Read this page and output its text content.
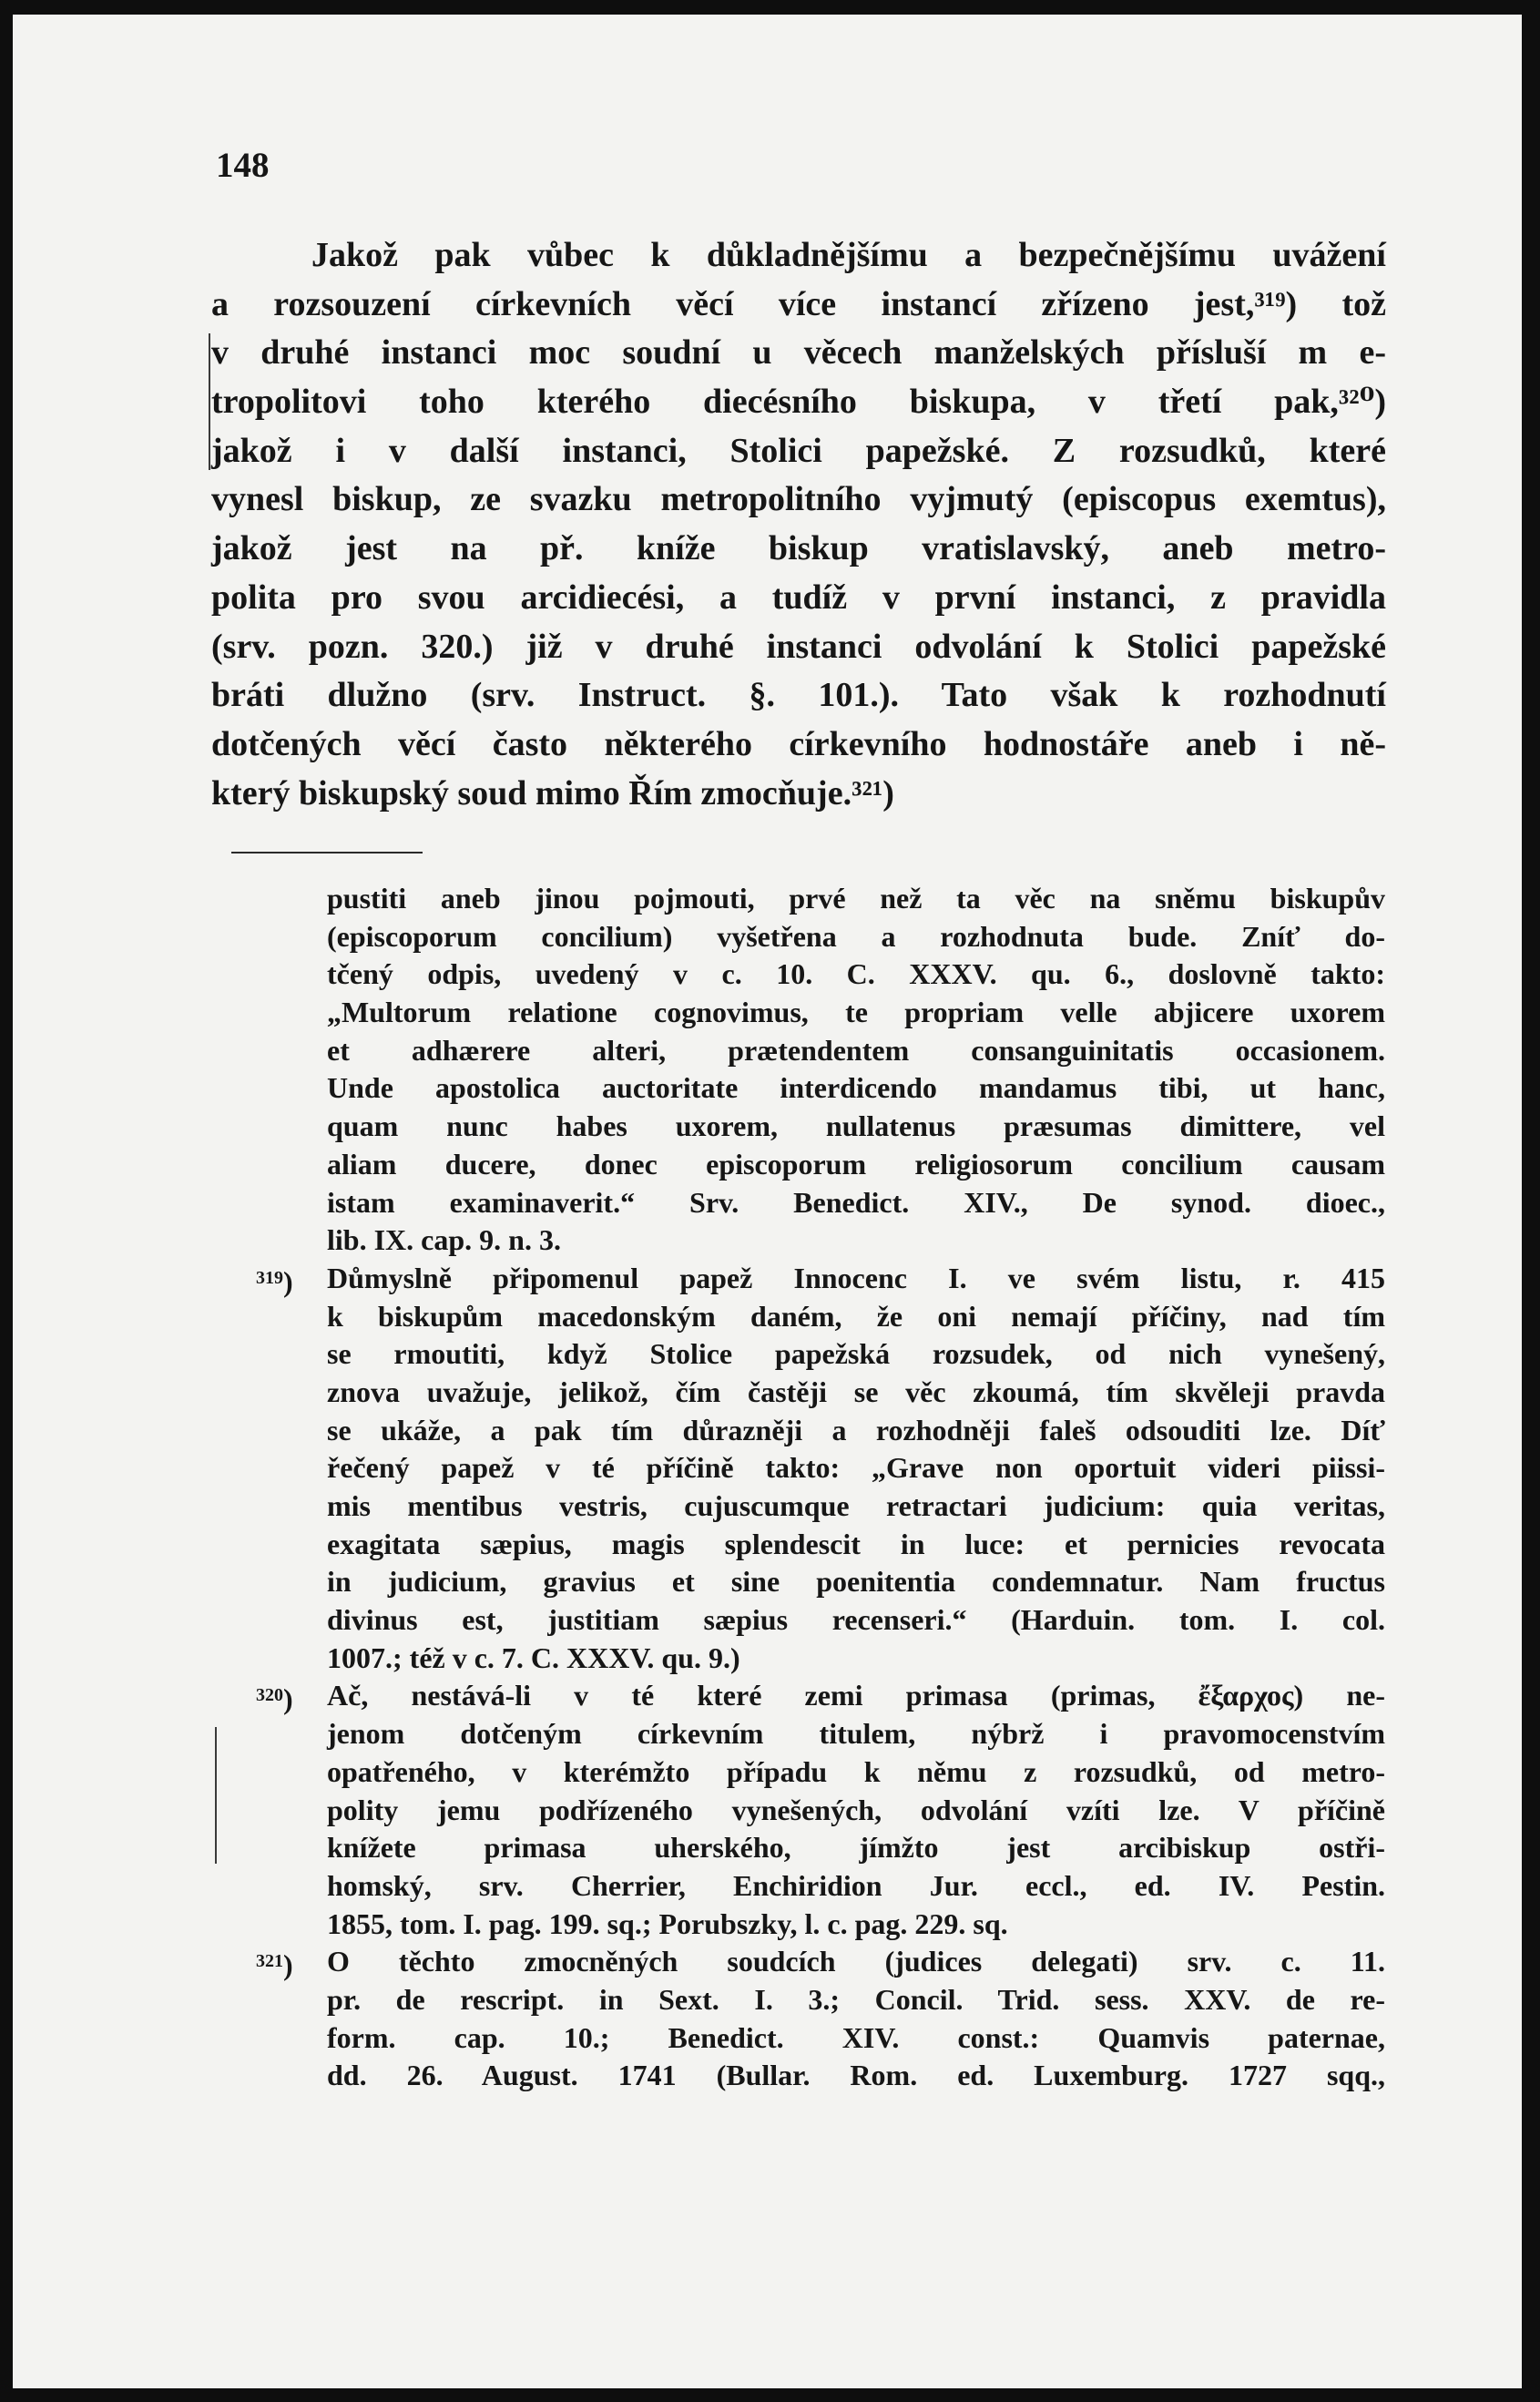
148
Jakož pak vůbec k důkladnějšímu a bezpečnějšímu uvážení
a rozsouzení církevních věcí více instancí zřízeno jest,³¹⁹) tož
v druhé instanci moc soudní u věcech manželských přísluší m e-
tropolitovi toho kterého diecésního biskupa, v třetí pak,³²⁰)
jakož i v další instanci, Stolici papežské. Z rozsudků, které
vynesl biskup, ze svazku metropolitního vyjmutý (episcopus exemtus),
jakož jest na př. kníže biskup vratislavský, aneb metro-
polita pro svou arcidiecési, a tudíž v první instanci, z pravidla
(srv. pozn. 320.) již v druhé instanci odvolání k Stolici papežské
bráti dlužno (srv. Instruct. §. 101.). Tato však k rozhodnutí
dotčených věcí často některého církevního hodnostáře aneb i ně-
který biskupský soud mimo Řím zmocňuje.³²¹)
pustiti aneb jinou pojmouti, prvé než ta věc na sněmu biskupův
(episcoporum concilium) vyšetřena a rozhodnuta bude. Zníť do-
tčený odpis, uvedený v c. 10. C. XXXV. qu. 6., doslovně takto:
„Multorum relatione cognovimus, te propriam velle abjicere uxorem
et adhærere alteri, prætendentem consanguinitatis occasionem.
Unde apostolica auctoritate interdicendo mandamus tibi, ut hanc,
quam nunc habes uxorem, nullatenus præsumas dimittere, vel
aliam ducere, donec episcoporum religiosorum concilium causam
istam examinaverit.“ Srv. Benedict. XIV., De synod. dioec.,
lib. IX. cap. 9. n. 3.
$^{319}$) Důmyslně připomenul papež Innocenc I. ve svém listu, r. 415
k biskupům macedonským daném, že oni nemají příčiny, nad tím
se rmoutiti, když Stolice papežská rozsudek, od nich vynešený,
znova uvažuje, jelikož, čím častěji se věc zkoumá, tím skvěleji pravda
se ukáže, a pak tím důrazněji a rozhodněji faleš odsouditi lze. Díť
řečený papež v té příčině takto: „Grave non oportuit videri piissi-
mis mentibus vestris, cujuscumque retractari judicium: quia veritas,
exagitata sæpius, magis splendescit in luce: et pernicies revocata
in judicium, gravius et sine poenitentia condemnatur. Nam fructus
divinus est, justitiam sæpius recenseri.“ (Harduin. tom. I. col.
1007.; též v c. 7. C. XXXV. qu. 9.)
$^{320}$) Ač, nestává-li v té které zemi primasa (primas, ἔξαρχος) ne-
jenom dotčeným církevním titulem, nýbrž i pravomocenstvím
opatřeného, v kterémžto případu k němu z rozsudků, od metro-
polity jemu podřízeného vynešených, odvolání vzíti lze. V příčině
knížete primasa uherského, jímžto jest arcibiskup ostři-
homský, srv. Cherrier, Enchiridion Jur. eccl., ed. IV. Pestin.
1855, tom. I. pag. 199. sq.; Porubszky, l. c. pag. 229. sq.
$^{321}$) O těchto zmocněných soudcích (judices delegati) srv. c. 11.
pr. de rescript. in Sext. I. 3.; Concil. Trid. sess. XXV. de re-
form. cap. 10.; Benedict. XIV. const.: Quamvis paternae,
dd. 26. August. 1741 (Bullar. Rom. ed. Luxemburg. 1727 sqq.,
